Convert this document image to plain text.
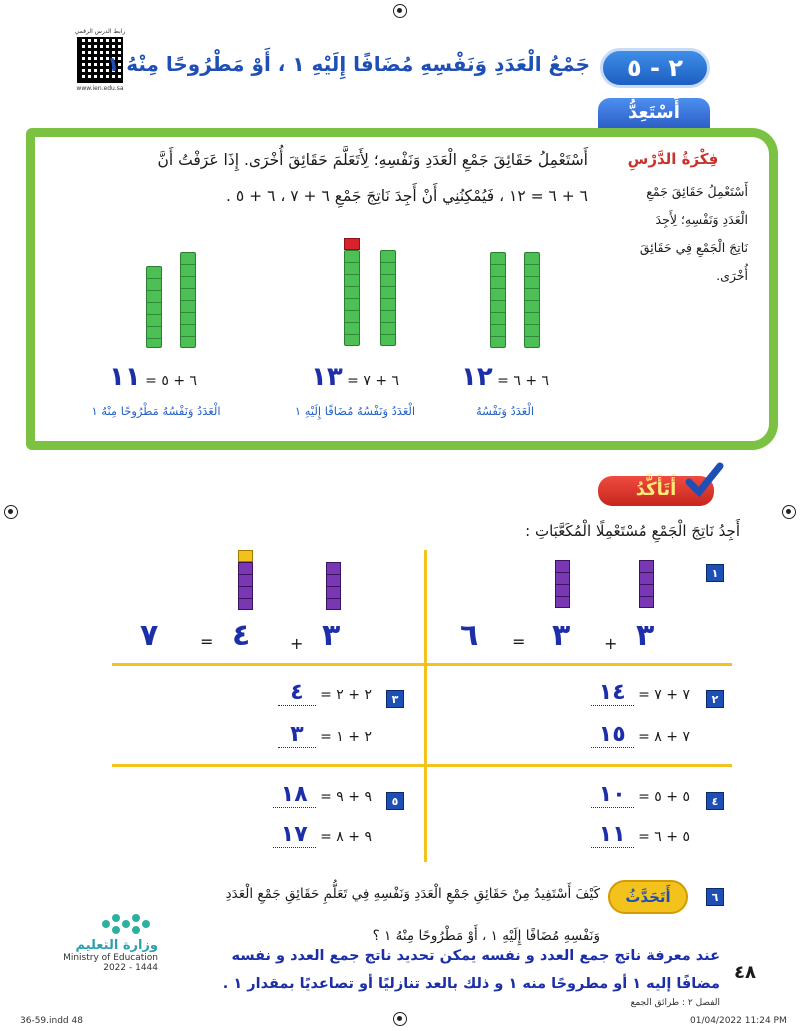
رابط الدرس الرقمي
www.ien.edu.sa
جَمْعُ الْعَدَدِ وَنَفْسِهِ مُضَافًا إِلَيْهِ ١ ، أَوْ مَطْرُوحًا مِنْهُ ١	٢ - ٥
أَسْتَعِدُّ
أَسْتَعْمِلُ حَقَائِقَ جَمْعِ الْعَدَدِ وَنَفْسِهِ؛ لِأَتَعَلَّمَ حَقَائِقَ أُخْرَى. إِذَا عَرَفْتُ أَنَّ
٦ + ٦ = ١٢ ، فَيُمْكِنُنِي أَنْ أَجِدَ نَاتِجَ جَمْعِ ٦ + ٧ ، ٦ + ٥ .
فِكْرَةُ الدَّرْسِ
أَسْتَعْمِلُ حَقَائِقَ جَمْعِ
الْعَدَدِ وَنَفْسِهِ؛ لِأَجِدَ
نَاتِجَ الْجَمْعِ فِي حَقَائِقَ
أُخْرَى.
٦ + ٦ = ١٢
٦ + ٧ = ١٣
٦ + ٥ = ١١
الْعَدَدُ وَنَفْسُهُ
الْعَدَدُ وَنَفْسُهُ مُضَافًا إِلَيْهِ ١
الْعَدَدُ وَنَفْسُهُ مَطْرُوحًا مِنْهُ ١
أَتَأَكَّدُ
أَجِدُ نَاتِجَ الْجَمْعِ مُسْتَعْمِلًا الْمُكَعَّبَاتِ :
١
٦ = ٣ + ٣
٧	= ٤ + ٣
٢
٧ + ٧ = ١٤
٧ + ٨ = ١٥
٣
٢ + ٢ = ٤
٢ + ١ = ٣
٤
٥ + ٥ = ١٠
٥ + ٦ = ١١
٥
٩ + ٩ = ١٨
٩ + ٨ = ١٧
٦
أَتَحَدَّثُ
كَيْفَ أَسْتَفِيدُ مِنْ حَقَائِقِ جَمْعِ الْعَدَدِ وَنَفْسِهِ فِي تَعَلُّمِ حَقَائِقِ جَمْعِ الْعَدَدِ
وَنَفْسِهِ مُضَافًا إِلَيْهِ ١ ، أَوْ مَطْرُوحًا مِنْهُ ١ ؟
عند معرفة ناتج جمع العدد و نفسه يمكن تحديد ناتج جمع العدد و نفسه
مضافًا إليه ١ أو مطروحًا منه ١ و ذلك بالعد تنازليًا أو تصاعديًا بمقدار ١ .
وزارة التعليم
Ministry of Education
2022 - 1444
الفصل ٢ : طرائق الجمع
٤٨
36-59.indd 48	01/04/2022 11:24 PM
